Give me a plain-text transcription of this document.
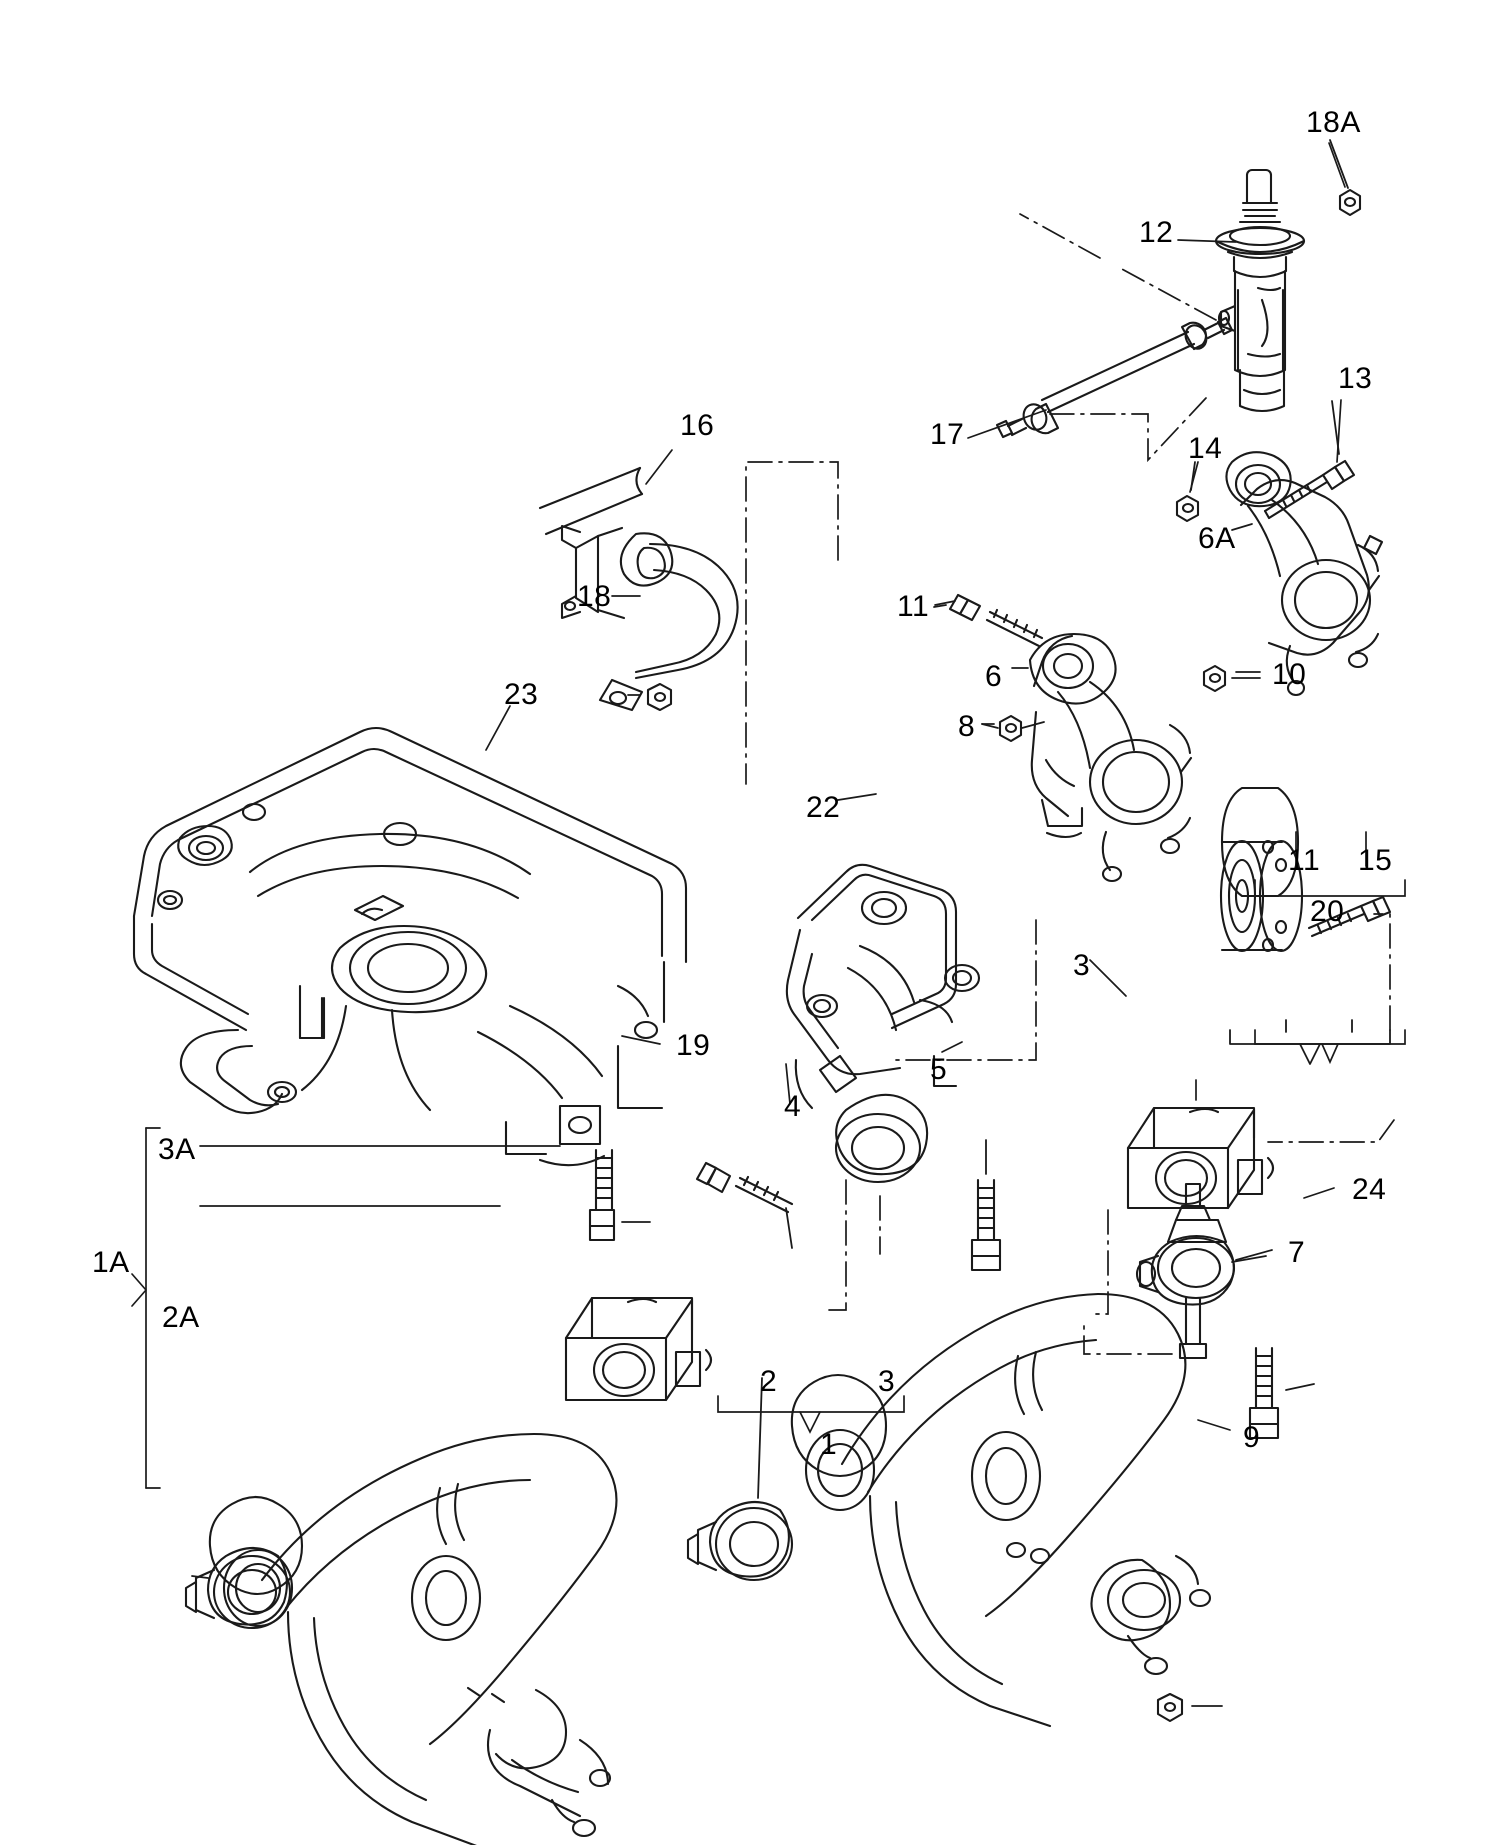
18A
12
13
14
16	17
6A
18	11
6	10
8
23
22
11 15
20
3
19
5
4
3A
24
7
1A
2A
2	3
9
1
